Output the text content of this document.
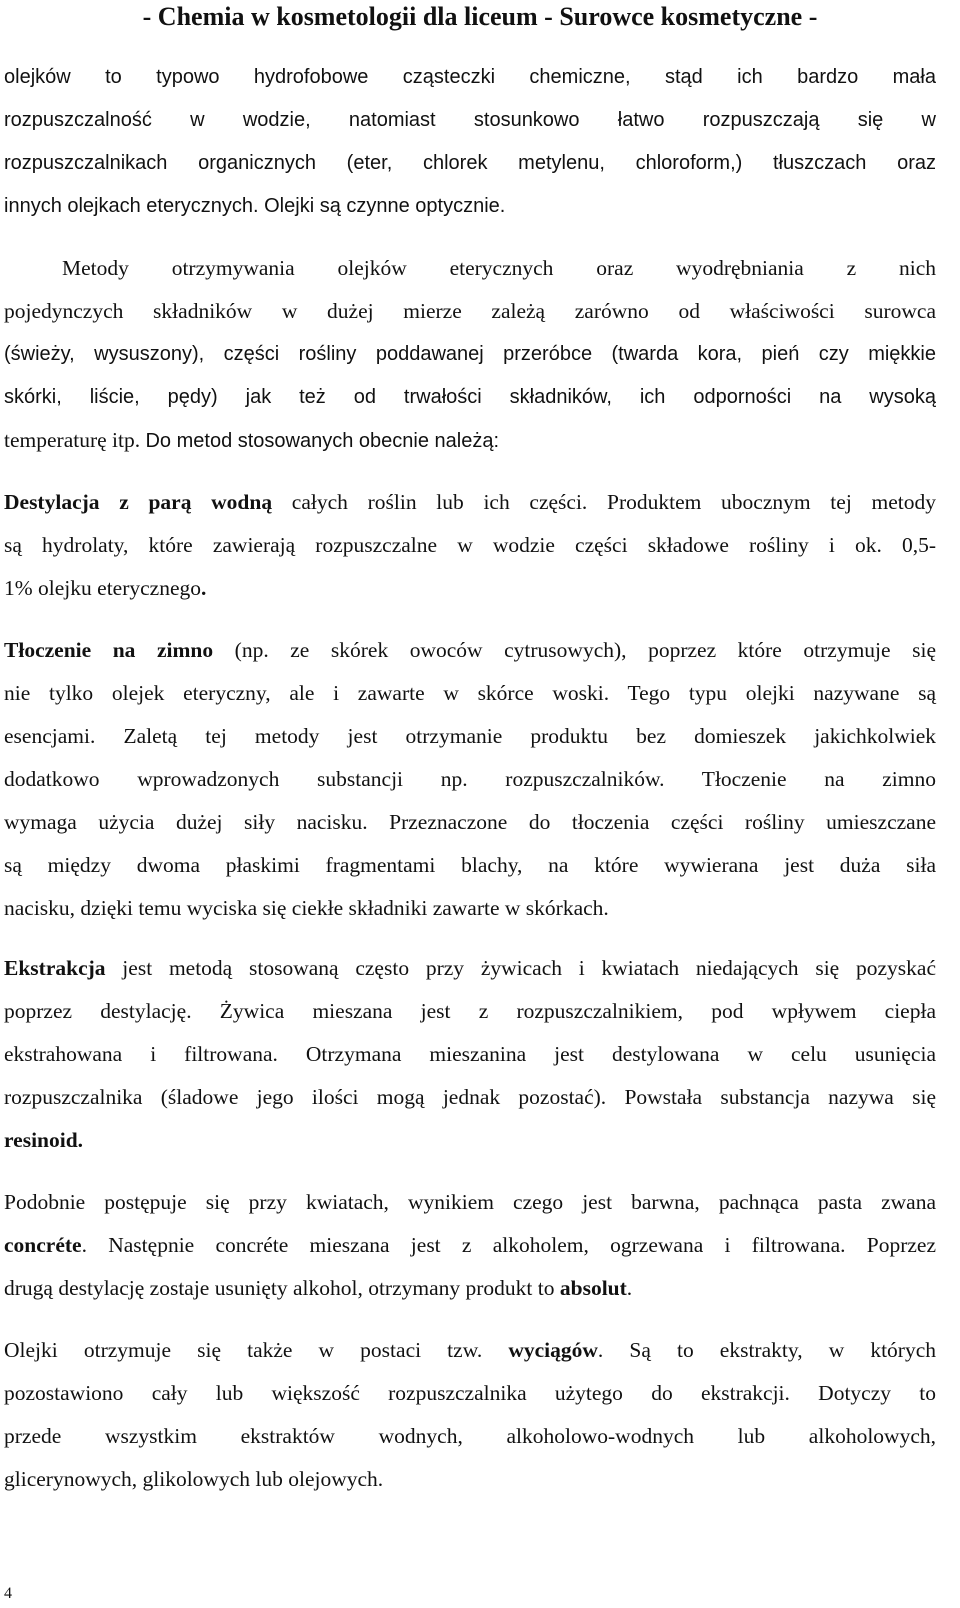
- Chemia w kosmetologii dla liceum - Surowce kosmetyczne -
olejków to typowo hydrofobowe cząsteczki chemiczne, stąd ich bardzo mała
rozpuszczalność w wodzie, natomiast stosunkowo łatwo rozpuszczają się w
rozpuszczalnikach organicznych (eter, chlorek metylenu, chloroform,) tłuszczach oraz
innych olejkach eterycznych. Olejki są czynne optycznie.
Metody otrzymywania olejków eterycznych oraz wyodrębniania z nich
pojedynczych składników w dużej mierze zależą zarówno od właściwości surowca
(świeży, wysuszony), części rośliny poddawanej przeróbce (twarda kora, pień czy miękkie
skórki, liście, pędy) jak też od trwałości składników, ich odporności na wysoką
temperaturę itp. Do metod stosowanych obecnie należą:
Destylacja z parą wodną całych roślin lub ich części. Produktem ubocznym tej metody
są hydrolaty, które zawierają rozpuszczalne w wodzie części składowe rośliny i ok. 0,5-
1% olejku eterycznego.
Tłoczenie na zimno (np. ze skórek owoców cytrusowych), poprzez które otrzymuje się
nie tylko olejek eteryczny, ale i zawarte w skórce woski. Tego typu olejki nazywane są
esencjami. Zaletą tej metody jest otrzymanie produktu bez domieszek jakichkolwiek
dodatkowo wprowadzonych substancji np. rozpuszczalników. Tłoczenie na zimno
wymaga użycia dużej siły nacisku. Przeznaczone do tłoczenia części rośliny umieszczane
są między dwoma płaskimi fragmentami blachy, na które wywierana jest duża siła
nacisku, dzięki temu wyciska się ciekłe składniki zawarte w skórkach.
Ekstrakcja jest metodą stosowaną często przy żywicach i kwiatach niedających się pozyskać
poprzez destylację. Żywica mieszana jest z rozpuszczalnikiem, pod wpływem ciepła
ekstrahowana i filtrowana. Otrzymana mieszanina jest destylowana w celu usunięcia
rozpuszczalnika (śladowe jego ilości mogą jednak pozostać). Powstała substancja nazywa się
resinoid.
Podobnie postępuje się przy kwiatach, wynikiem czego jest barwna, pachnąca pasta zwana
concréte. Następnie concréte mieszana jest z alkoholem, ogrzewana i filtrowana. Poprzez
drugą destylację zostaje usunięty alkohol, otrzymany produkt to absolut.
Olejki otrzymuje się także w postaci tzw. wyciągów. Są to ekstrakty, w których
pozostawiono cały lub większość rozpuszczalnika użytego do ekstrakcji. Dotyczy to
przede wszystkim ekstraktów wodnych, alkoholowo-wodnych lub alkoholowych,
glicerynowych, glikolowych lub olejowych.
4
